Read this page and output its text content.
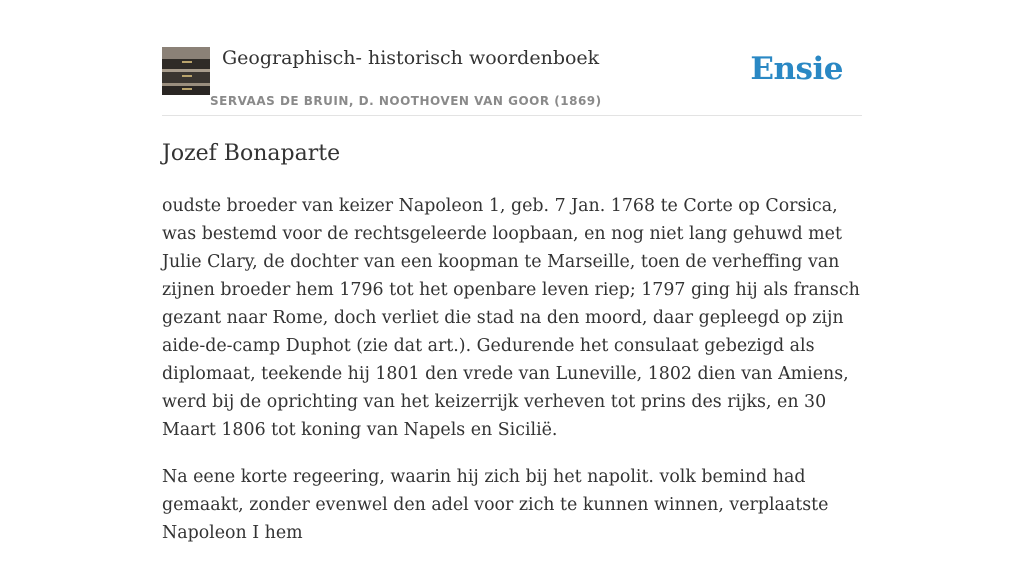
Geographisch- historisch woordenboek
SERVAAS DE BRUIN, D. NOOTHOVEN VAN GOOR (1869)
Ensie
Jozef Bonaparte

oudste broeder van keizer Napoleon 1, geb. 7 Jan. 1768 te Corte op Corsica, was bestemd voor de rechtsgeleerde loopbaan, en nog niet lang gehuwd met Julie Clary, de dochter van een koopman te Marseille, toen de verheffing van zijnen broeder hem 1796 tot het openbare leven riep; 1797 ging hij als fransch gezant naar Rome, doch verliet die stad na den moord, daar gepleegd op zijn aide-de-camp Duphot (zie dat art.). Gedurende het consulaat gebezigd als diplomaat, teekende hij 1801 den vrede van Luneville, 1802 dien van Amiens, werd bij de oprichting van het keizerrijk verheven tot prins des rijks, en 30 Maart 1806 tot koning van Napels en Sicilië.

Na eene korte regeering, waarin hij zich bij het napolit. volk bemind had gemaakt, zonder evenwel den adel voor zich te kunnen winnen, verplaatste Napoleon I hem
